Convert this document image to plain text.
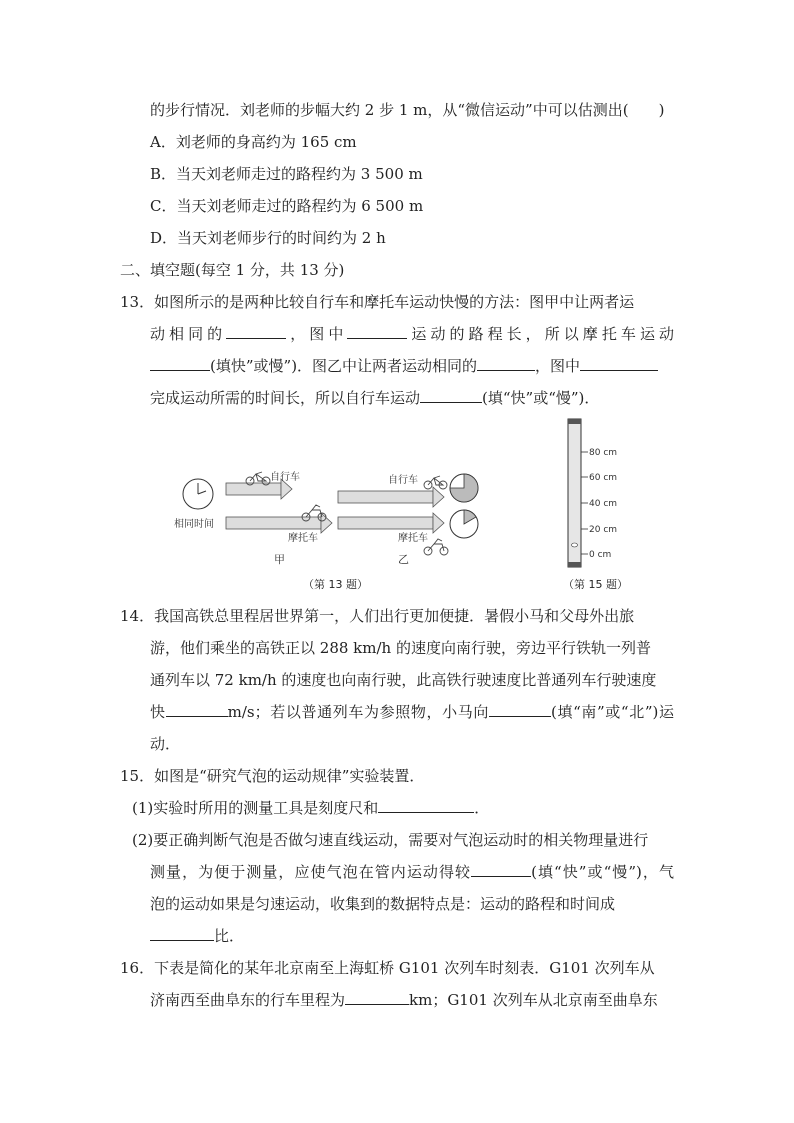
的步行情况．刘老师的步幅大约 2 步 1 m，从“微信运动”中可以估测出(　　)
A．刘老师的身高约为 165 cm
B．当天刘老师走过的路程约为 3 500 m
C．当天刘老师走过的路程约为 6 500 m
D．当天刘老师步行的时间约为 2 h
二、填空题(每空 1 分，共 13 分)
13．如图所示的是两种比较自行车和摩托车运动快慢的方法：图甲中让两者运
动相同的	，图中	运动的路程长，所以摩托车运动
(填快”或慢”)．图乙中让两者运动相同的	，图中
完成运动所需的时间长，所以自行车运动	(填“快”或“慢”)．
相同时间
自行车
摩托车
甲
自行车
摩托车
乙
（第 13 题）
80 cm
60 cm
40 cm
20 cm
0 cm
（第 15 题）
14．我国高铁总里程居世界第一，人们出行更加便捷．暑假小马和父母外出旅
游，他们乘坐的高铁正以 288 km/h 的速度向南行驶，旁边平行铁轨一列普
通列车以 72 km/h 的速度也向南行驶，此高铁行驶速度比普通列车行驶速度
快	m/s；若以普通列车为参照物，小马向	(填“南”或“北”)运
动．
15．如图是“研究气泡的运动规律”实验装置．
(1)实验时所用的测量工具是刻度尺和	．
(2)要正确判断气泡是否做匀速直线运动，需要对气泡运动时的相关物理量进行
测量，为便于测量，应使气泡在管内运动得较	(填“快”或“慢”)，气
泡的运动如果是匀速运动，收集到的数据特点是：运动的路程和时间成
比．
16．下表是简化的某年北京南至上海虹桥 G101 次列车时刻表．G101 次列车从
济南西至曲阜东的行车里程为	km；G101 次列车从北京南至曲阜东
